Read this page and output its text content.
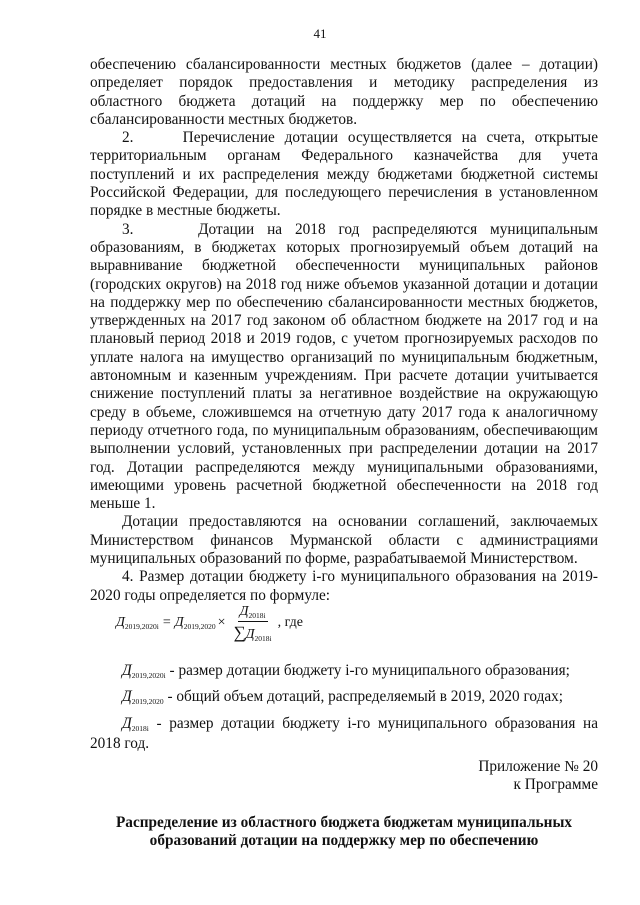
41

обеспечению сбалансированности местных бюджетов (далее – дотации) определяет порядок предоставления и методику распределения из областного бюджета дотаций на поддержку мер по обеспечению сбалансированности местных бюджетов.

2.     Перечисление дотации осуществляется на счета, открытые территориальным органам Федерального казначейства для учета поступлений и их распределения между бюджетами бюджетной системы Российской Федерации, для последующего перечисления в установленном порядке в местные бюджеты.

3.     Дотации на 2018 год распределяются муниципальным образованиям, в бюджетах которых прогнозируемый объем дотаций на выравнивание бюджетной обеспеченности муниципальных районов (городских округов) на 2018 год ниже объемов указанной дотации и дотации на поддержку мер по обеспечению сбалансированности местных бюджетов, утвержденных на 2017 год законом об областном бюджете на 2017 год и на плановый период 2018 и 2019 годов, с учетом прогнозируемых расходов по уплате налога на имущество организаций по муниципальным бюджетным, автономным и казенным учреждениям. При расчете дотации учитывается снижение поступлений платы за негативное воздействие на окружающую среду в объеме, сложившемся на отчетную дату 2017 года к аналогичному периоду отчетного года, по муниципальным образованиям, обеспечивающим выполнении условий, установленных при распределении дотации на 2017 год. Дотации распределяются между муниципальными образованиями, имеющими уровень расчетной бюджетной обеспеченности на 2018 год меньше 1.

Дотации предоставляются на основании соглашений, заключаемых Министерством финансов Мурманской области с администрациями муниципальных образований по форме, разрабатываемой Министерством.

4. Размер дотации бюджету i-го муниципального образования на 2019-2020 годы определяется по формуле:

Д 2019,2020i = Д $2019,2020 \times \frac{Д_{2018i}}{\sum Д_{2018i}}$ , где

Д2019,2020i - размер дотации бюджету i-го муниципального образования;

Д2019,2020 - общий объем дотаций, распределяемый в 2019, 2020 годах;

Д2018i - размер дотации бюджету i-го муниципального образования на 2018 год.

Приложение № 20
к Программе
Распределение из областного бюджета бюджетам муниципальных образований дотации на поддержку мер по обеспечению
